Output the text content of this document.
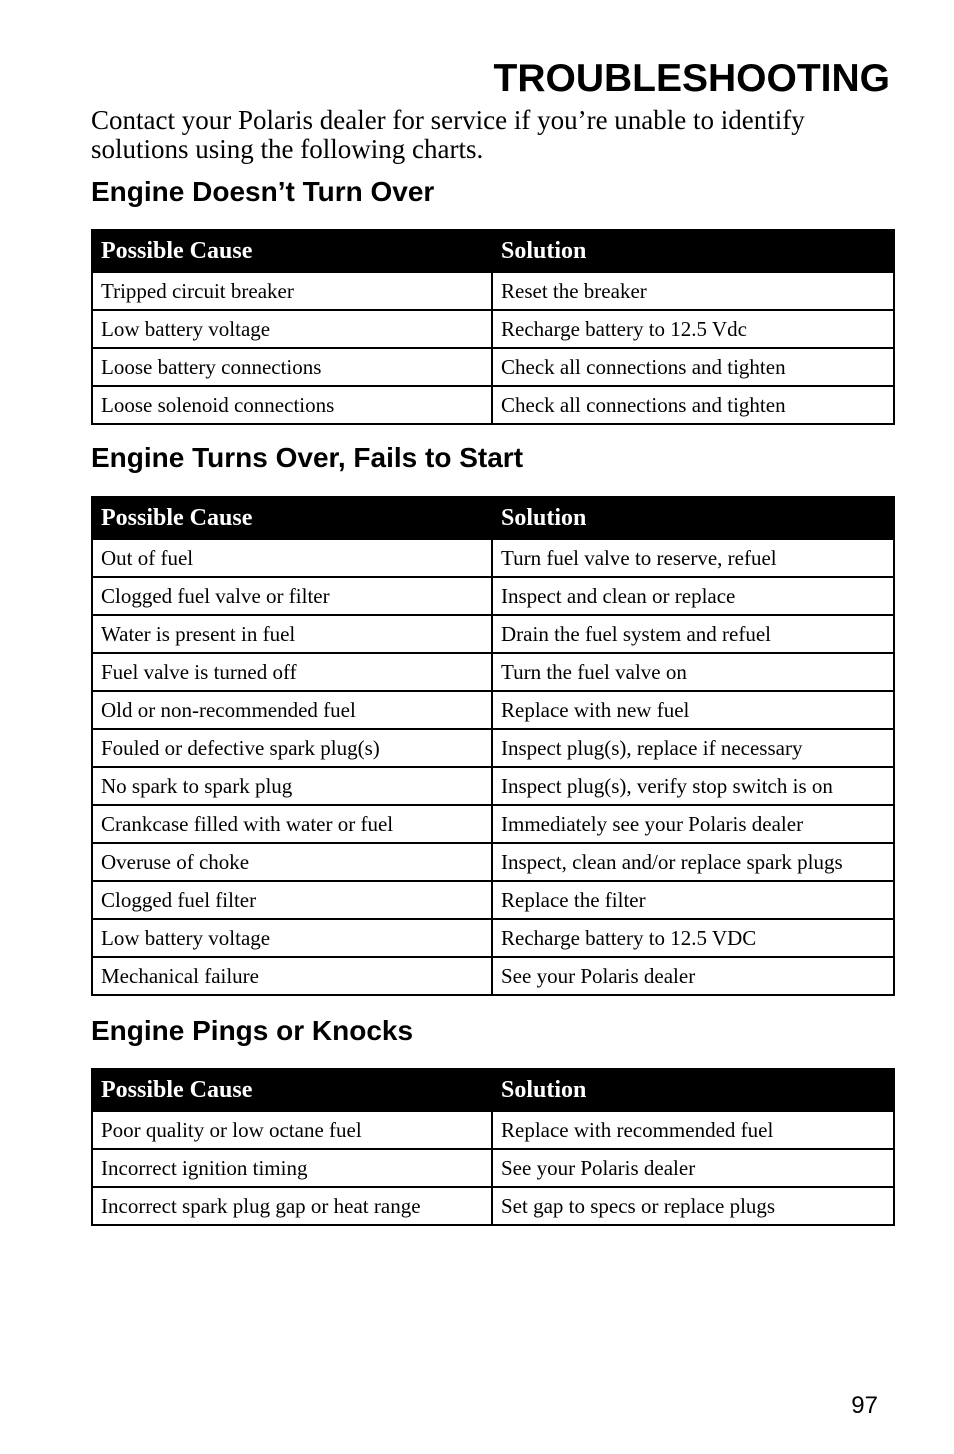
TROUBLESHOOTING

Contact your Polaris dealer for service if you’re unable to identify solutions using the following charts.

Engine Doesn’t Turn Over
Possible Cause	Solution
Tripped circuit breaker	Reset the breaker
Low battery voltage	Recharge battery to 12.5 Vdc
Loose battery connections	Check all connections and tighten
Loose solenoid connections	Check all connections and tighten
Engine Turns Over, Fails to Start
Possible Cause	Solution
Out of fuel	Turn fuel valve to reserve, refuel
Clogged fuel valve or filter	Inspect and clean or replace
Water is present in fuel	Drain the fuel system and refuel
Fuel valve is turned off	Turn the fuel valve on
Old or non-recommended fuel	Replace with new fuel
Fouled or defective spark plug(s)	Inspect plug(s), replace if necessary
No spark to spark plug	Inspect plug(s), verify stop switch is on
Crankcase filled with water or fuel	Immediately see your Polaris dealer
Overuse of choke	Inspect, clean and/or replace spark plugs
Clogged fuel filter	Replace the filter
Low battery voltage	Recharge battery to 12.5 VDC
Mechanical failure	See your Polaris dealer
Engine Pings or Knocks
Possible Cause	Solution
Poor quality or low octane fuel	Replace with recommended fuel
Incorrect ignition timing	See your Polaris dealer
Incorrect spark plug gap or heat range	Set gap to specs or replace plugs

97
